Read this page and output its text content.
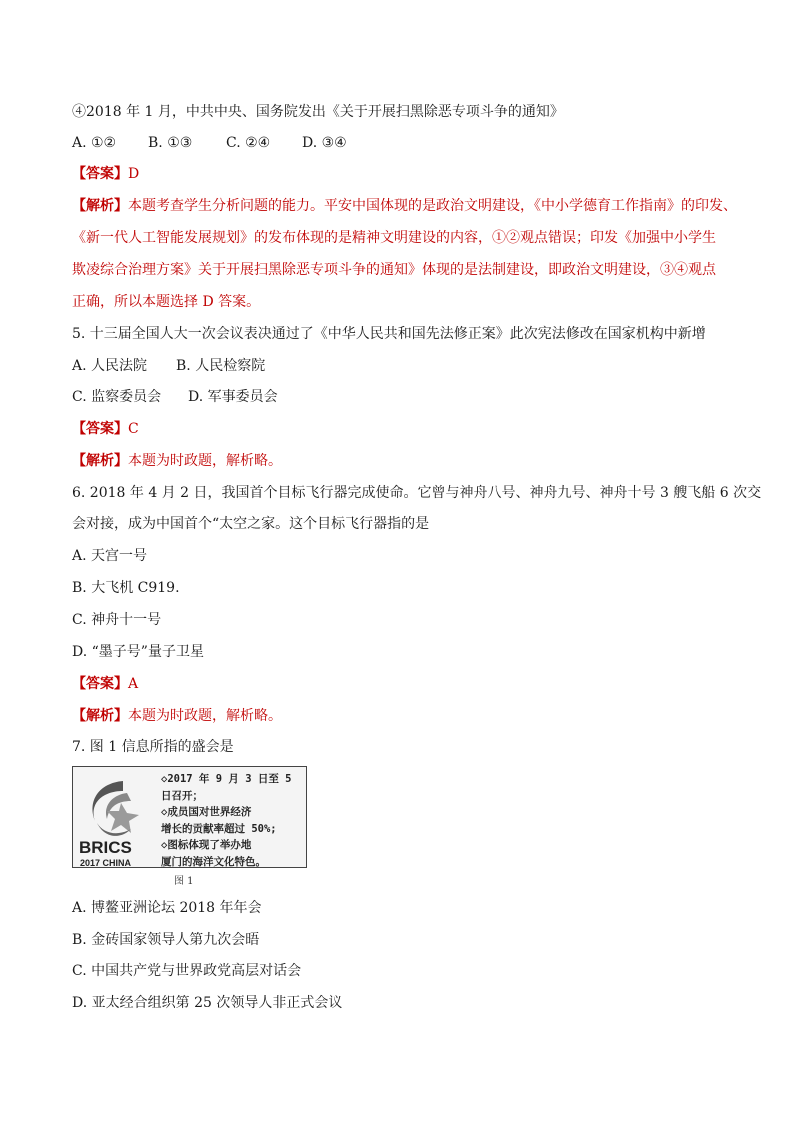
④2018 年 1 月，中共中央、国务院发出《关于开展扫黑除恶专项斗争的通知》
A. ①② B. ①③ C. ②④ D. ③④
【答案】D
【解析】本题考查学生分析问题的能力。平安中国体现的是政治文明建设，《中小学德育工作指南》的印发、
《新一代人工智能发展规划》的发布体现的是精神文明建设的内容，①②观点错误；印发《加强中小学生
欺凌综合治理方案》关于开展扫黑除恶专项斗争的通知》体现的是法制建设，即政治文明建设，③④观点
正确，所以本题选择 D 答案。
5. 十三届全国人大一次会议表决通过了《中华人民共和国先法修正案》此次宪法修改在国家机构中新增
A. 人民法院 B. 人民检察院
C. 监察委员会 D. 军事委员会
【答案】C
【解析】本题为时政题，解析略。
6. 2018 年 4 月 2 日，我国首个目标飞行器完成使命。它曾与神舟八号、神舟九号、神舟十号 3 艘飞船 6 次交
会对接，成为中国首个“太空之家。这个目标飞行器指的是
A. 天宫一号
B. 大飞机 C919.
C. 神舟十一号
D. “墨子号”量子卫星
【答案】A
【解析】本题为时政题，解析略。
7. 图 1 信息所指的盛会是
BRICS
2017 CHINA
◇2017 年 9 月 3 日至 5
日召开；
◇成员国对世界经济
增长的贡献率超过 50%;
◇图标体现了举办地
厦门的海洋文化特色。
图 1
A. 博鳌亚洲论坛 2018 年年会
B. 金砖国家领导人第九次会晤
C. 中国共产党与世界政党高层对话会
D. 亚太经合组织第 25 次领导人非正式会议
